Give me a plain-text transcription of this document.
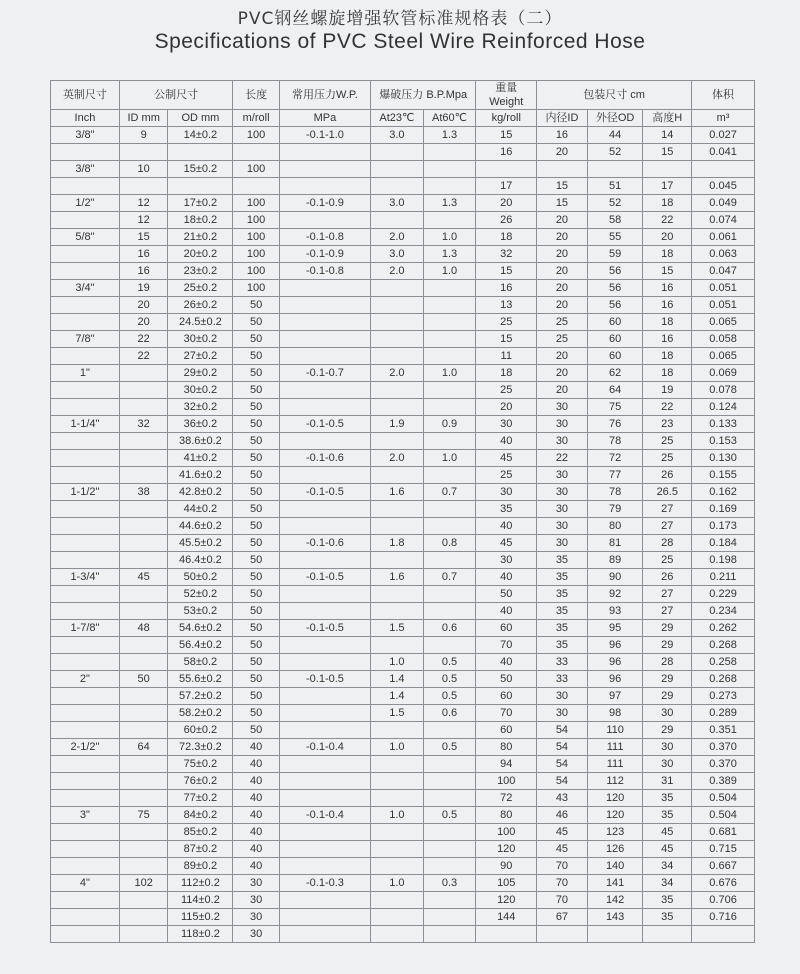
PVC钢丝螺旋增强软管标准规格表（二）
Specifications of PVC Steel Wire Reinforced Hose
英制尺寸	公制尺寸		长度	常用压力W.P.	爆破压力 B.P.Mpa		重量
Weight	包装尺寸 cm			体积
Inch	ID mm	OD mm	m/roll	MPa	At23℃	At60℃	kg/roll	内径ID	外径OD	高度H	m³
3/8"	9	14±0.2	100	-0.1-1.0	3.0	1.3	15	16	44	14	0.027
							16	20	52	15	0.041
3/8"	10	15±0.2	100								
							17	15	51	17	0.045
1/2"	12	17±0.2	100	-0.1-0.9	3.0	1.3	20	15	52	18	0.049
	12	18±0.2	100				26	20	58	22	0.074
5/8"	15	21±0.2	100	-0.1-0.8	2.0	1.0	18	20	55	20	0.061
	16	20±0.2	100	-0.1-0.9	3.0	1.3	32	20	59	18	0.063
	16	23±0.2	100	-0.1-0.8	2.0	1.0	15	20	56	15	0.047
3/4"	19	25±0.2	100				16	20	56	16	0.051
	20	26±0.2	50				13	20	56	16	0.051
	20	24.5±0.2	50				25	25	60	18	0.065
7/8"	22	30±0.2	50				15	25	60	16	0.058
	22	27±0.2	50				11	20	60	18	0.065
1"		29±0.2	50	-0.1-0.7	2.0	1.0	18	20	62	18	0.069
		30±0.2	50				25	20	64	19	0.078
		32±0.2	50				20	30	75	22	0.124
1-1/4"	32	36±0.2	50	-0.1-0.5	1.9	0.9	30	30	76	23	0.133
		38.6±0.2	50				40	30	78	25	0.153
		41±0.2	50	-0.1-0.6	2.0	1.0	45	22	72	25	0.130
		41.6±0.2	50				25	30	77	26	0.155
1-1/2"	38	42.8±0.2	50	-0.1-0.5	1.6	0.7	30	30	78	26.5	0.162
		44±0.2	50				35	30	79	27	0.169
		44.6±0.2	50				40	30	80	27	0.173
		45.5±0.2	50	-0.1-0.6	1.8	0.8	45	30	81	28	0.184
		46.4±0.2	50				30	35	89	25	0.198
1-3/4"	45	50±0.2	50	-0.1-0.5	1.6	0.7	40	35	90	26	0.211
		52±0.2	50				50	35	92	27	0.229
		53±0.2	50				40	35	93	27	0.234
1-7/8"	48	54.6±0.2	50	-0.1-0.5	1.5	0.6	60	35	95	29	0.262
		56.4±0.2	50				70	35	96	29	0.268
		58±0.2	50		1.0	0.5	40	33	96	28	0.258
2"	50	55.6±0.2	50	-0.1-0.5	1.4	0.5	50	33	96	29	0.268
		57.2±0.2	50		1.4	0.5	60	30	97	29	0.273
		58.2±0.2	50		1.5	0.6	70	30	98	30	0.289
		60±0.2	50				60	54	110	29	0.351
2-1/2"	64	72.3±0.2	40	-0.1-0.4	1.0	0.5	80	54	111	30	0.370
		75±0.2	40				94	54	111	30	0.370
		76±0.2	40				100	54	112	31	0.389
		77±0.2	40				72	43	120	35	0.504
3"	75	84±0.2	40	-0.1-0.4	1.0	0.5	80	46	120	35	0.504
		85±0.2	40				100	45	123	45	0.681
		87±0.2	40				120	45	126	45	0.715
		89±0.2	40				90	70	140	34	0.667
4"	102	112±0.2	30	-0.1-0.3	1.0	0.3	105	70	141	34	0.676
		114±0.2	30				120	70	142	35	0.706
		115±0.2	30				144	67	143	35	0.716
		118±0.2	30								
